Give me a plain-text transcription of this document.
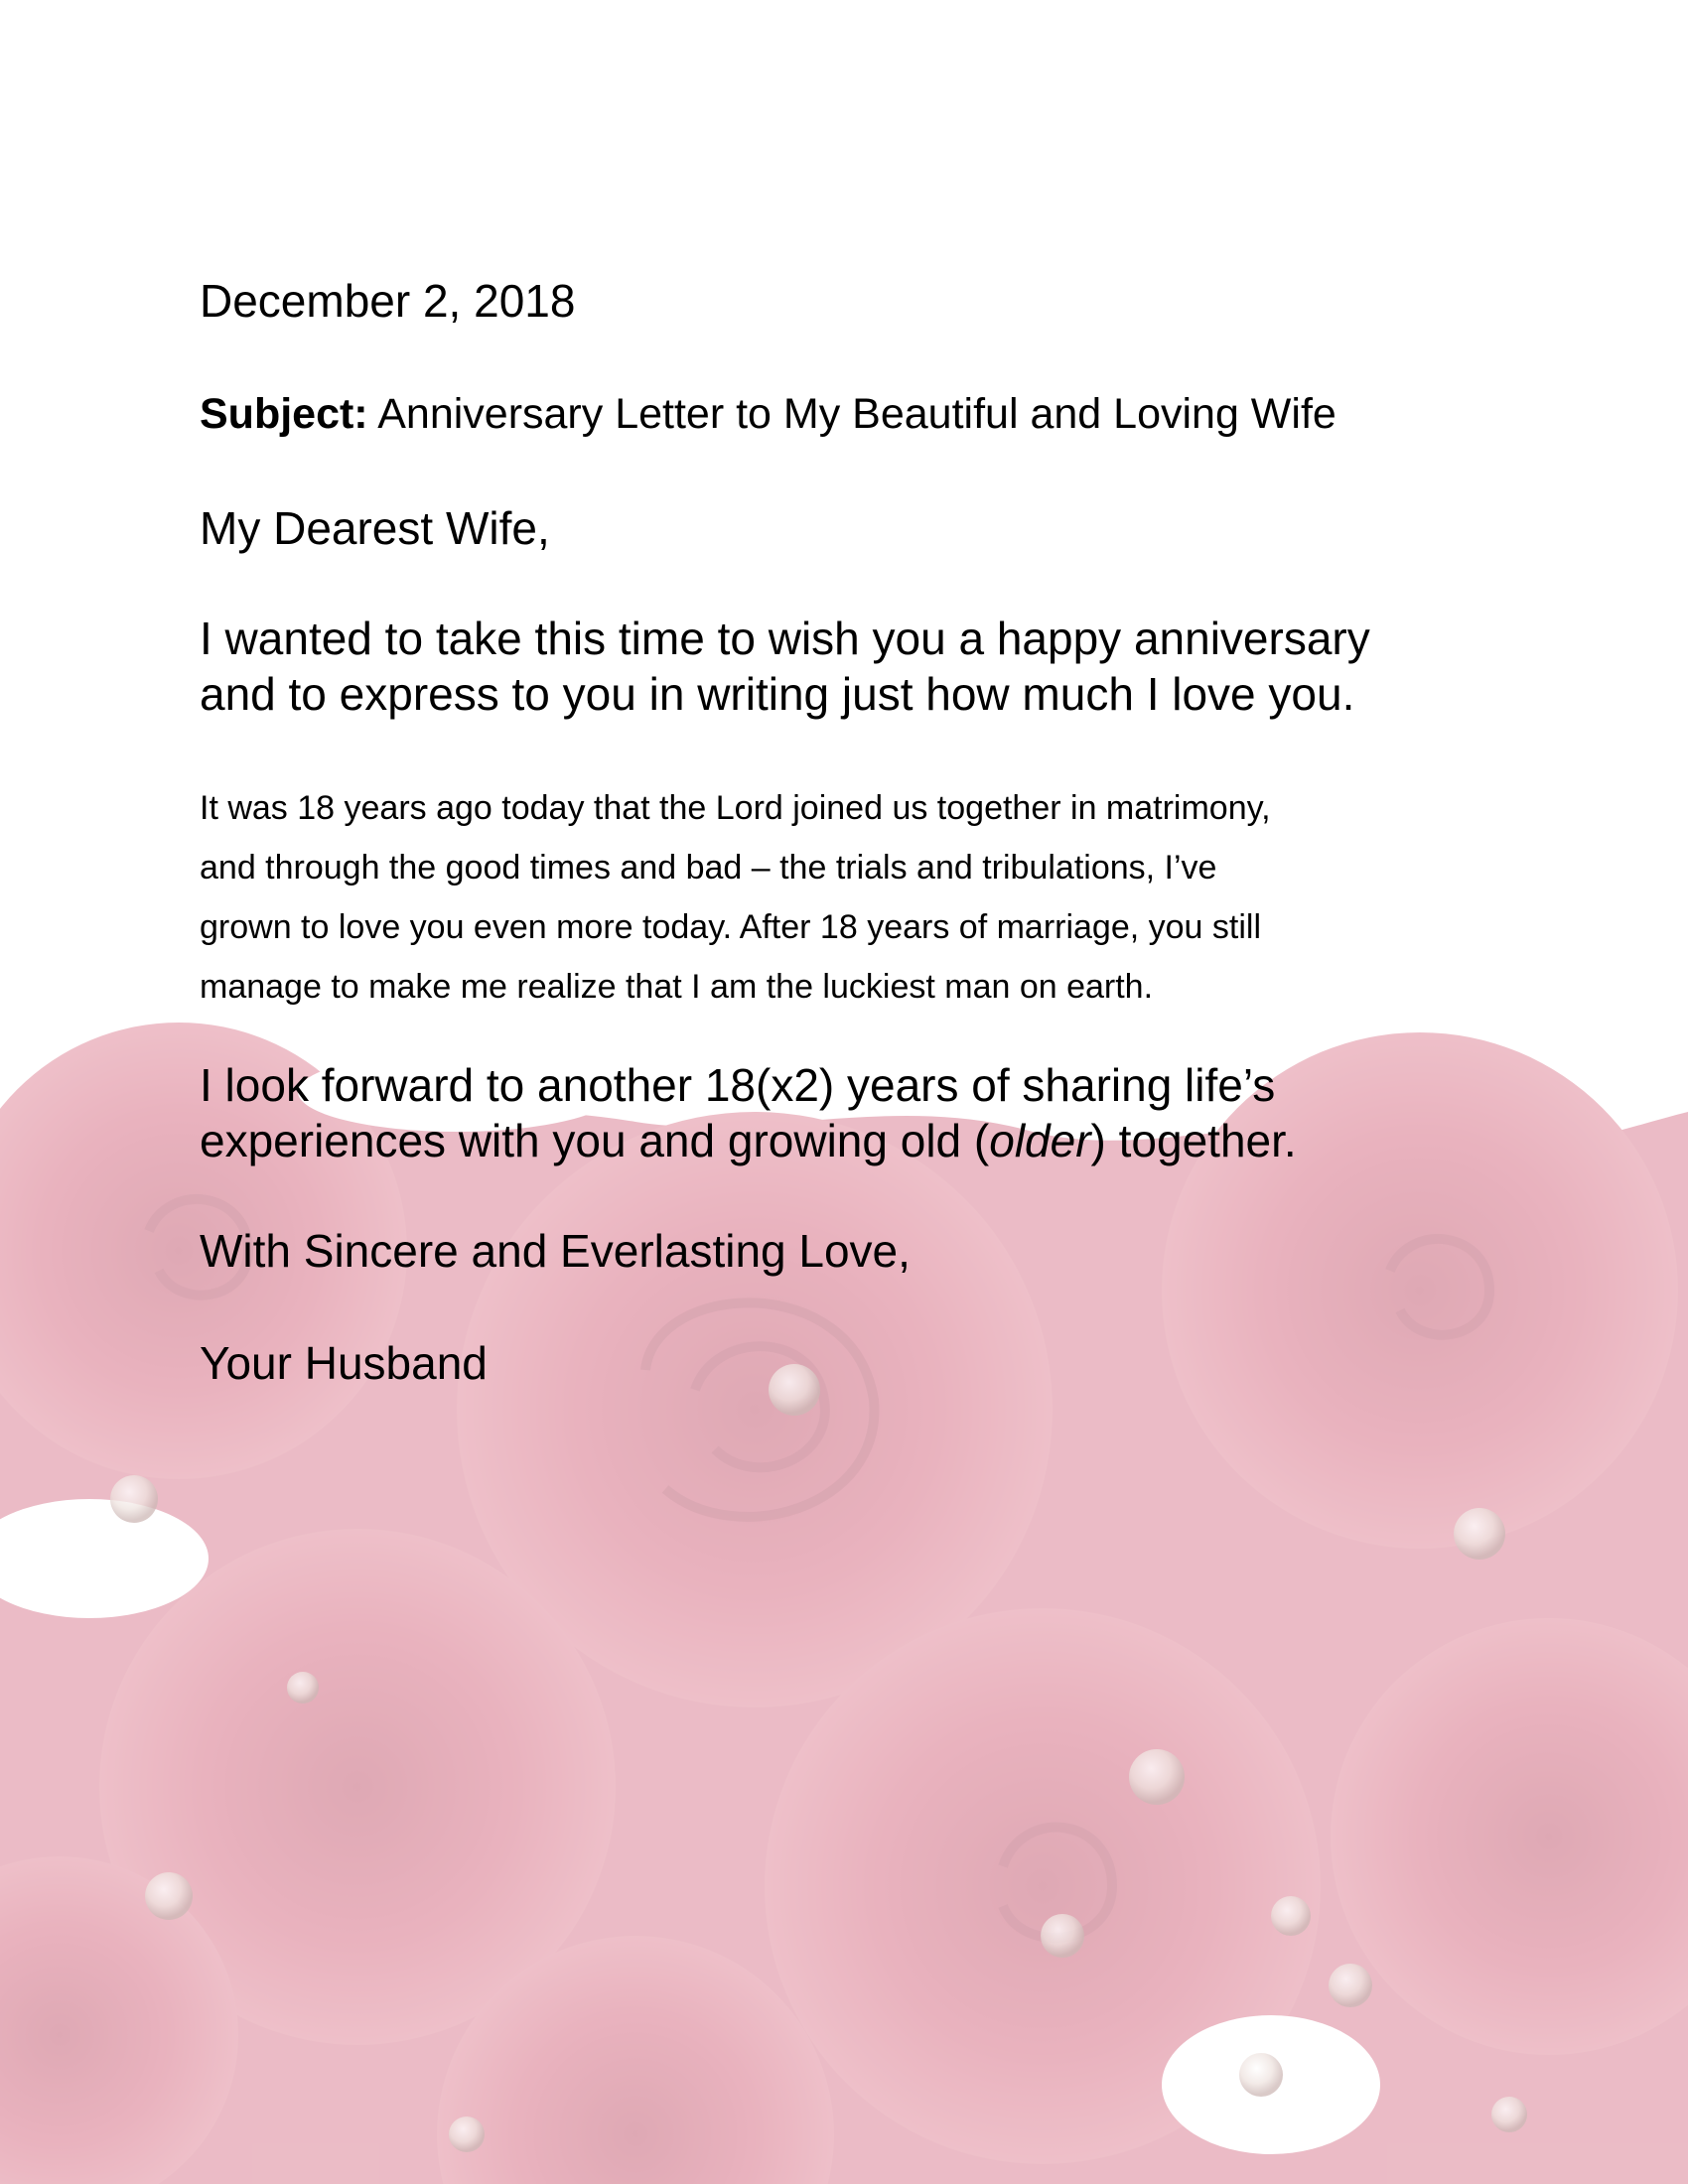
December 2, 2018
Subject: Anniversary Letter to My Beautiful and Loving Wife
My Dearest Wife,
I wanted to take this time to wish you a happy anniversary
and to express to you in writing just how much I love you.
It was 18 years ago today that the Lord joined us together in matrimony,
and through the good times and bad – the trials and tribulations, I’ve
grown to love you even more today. After 18 years of marriage, you still
manage to make me realize that I am the luckiest man on earth.
I look forward to another 18(x2) years of sharing life’s
experiences with you and growing old (older) together.
With Sincere and Everlasting Love,
Your Husband
